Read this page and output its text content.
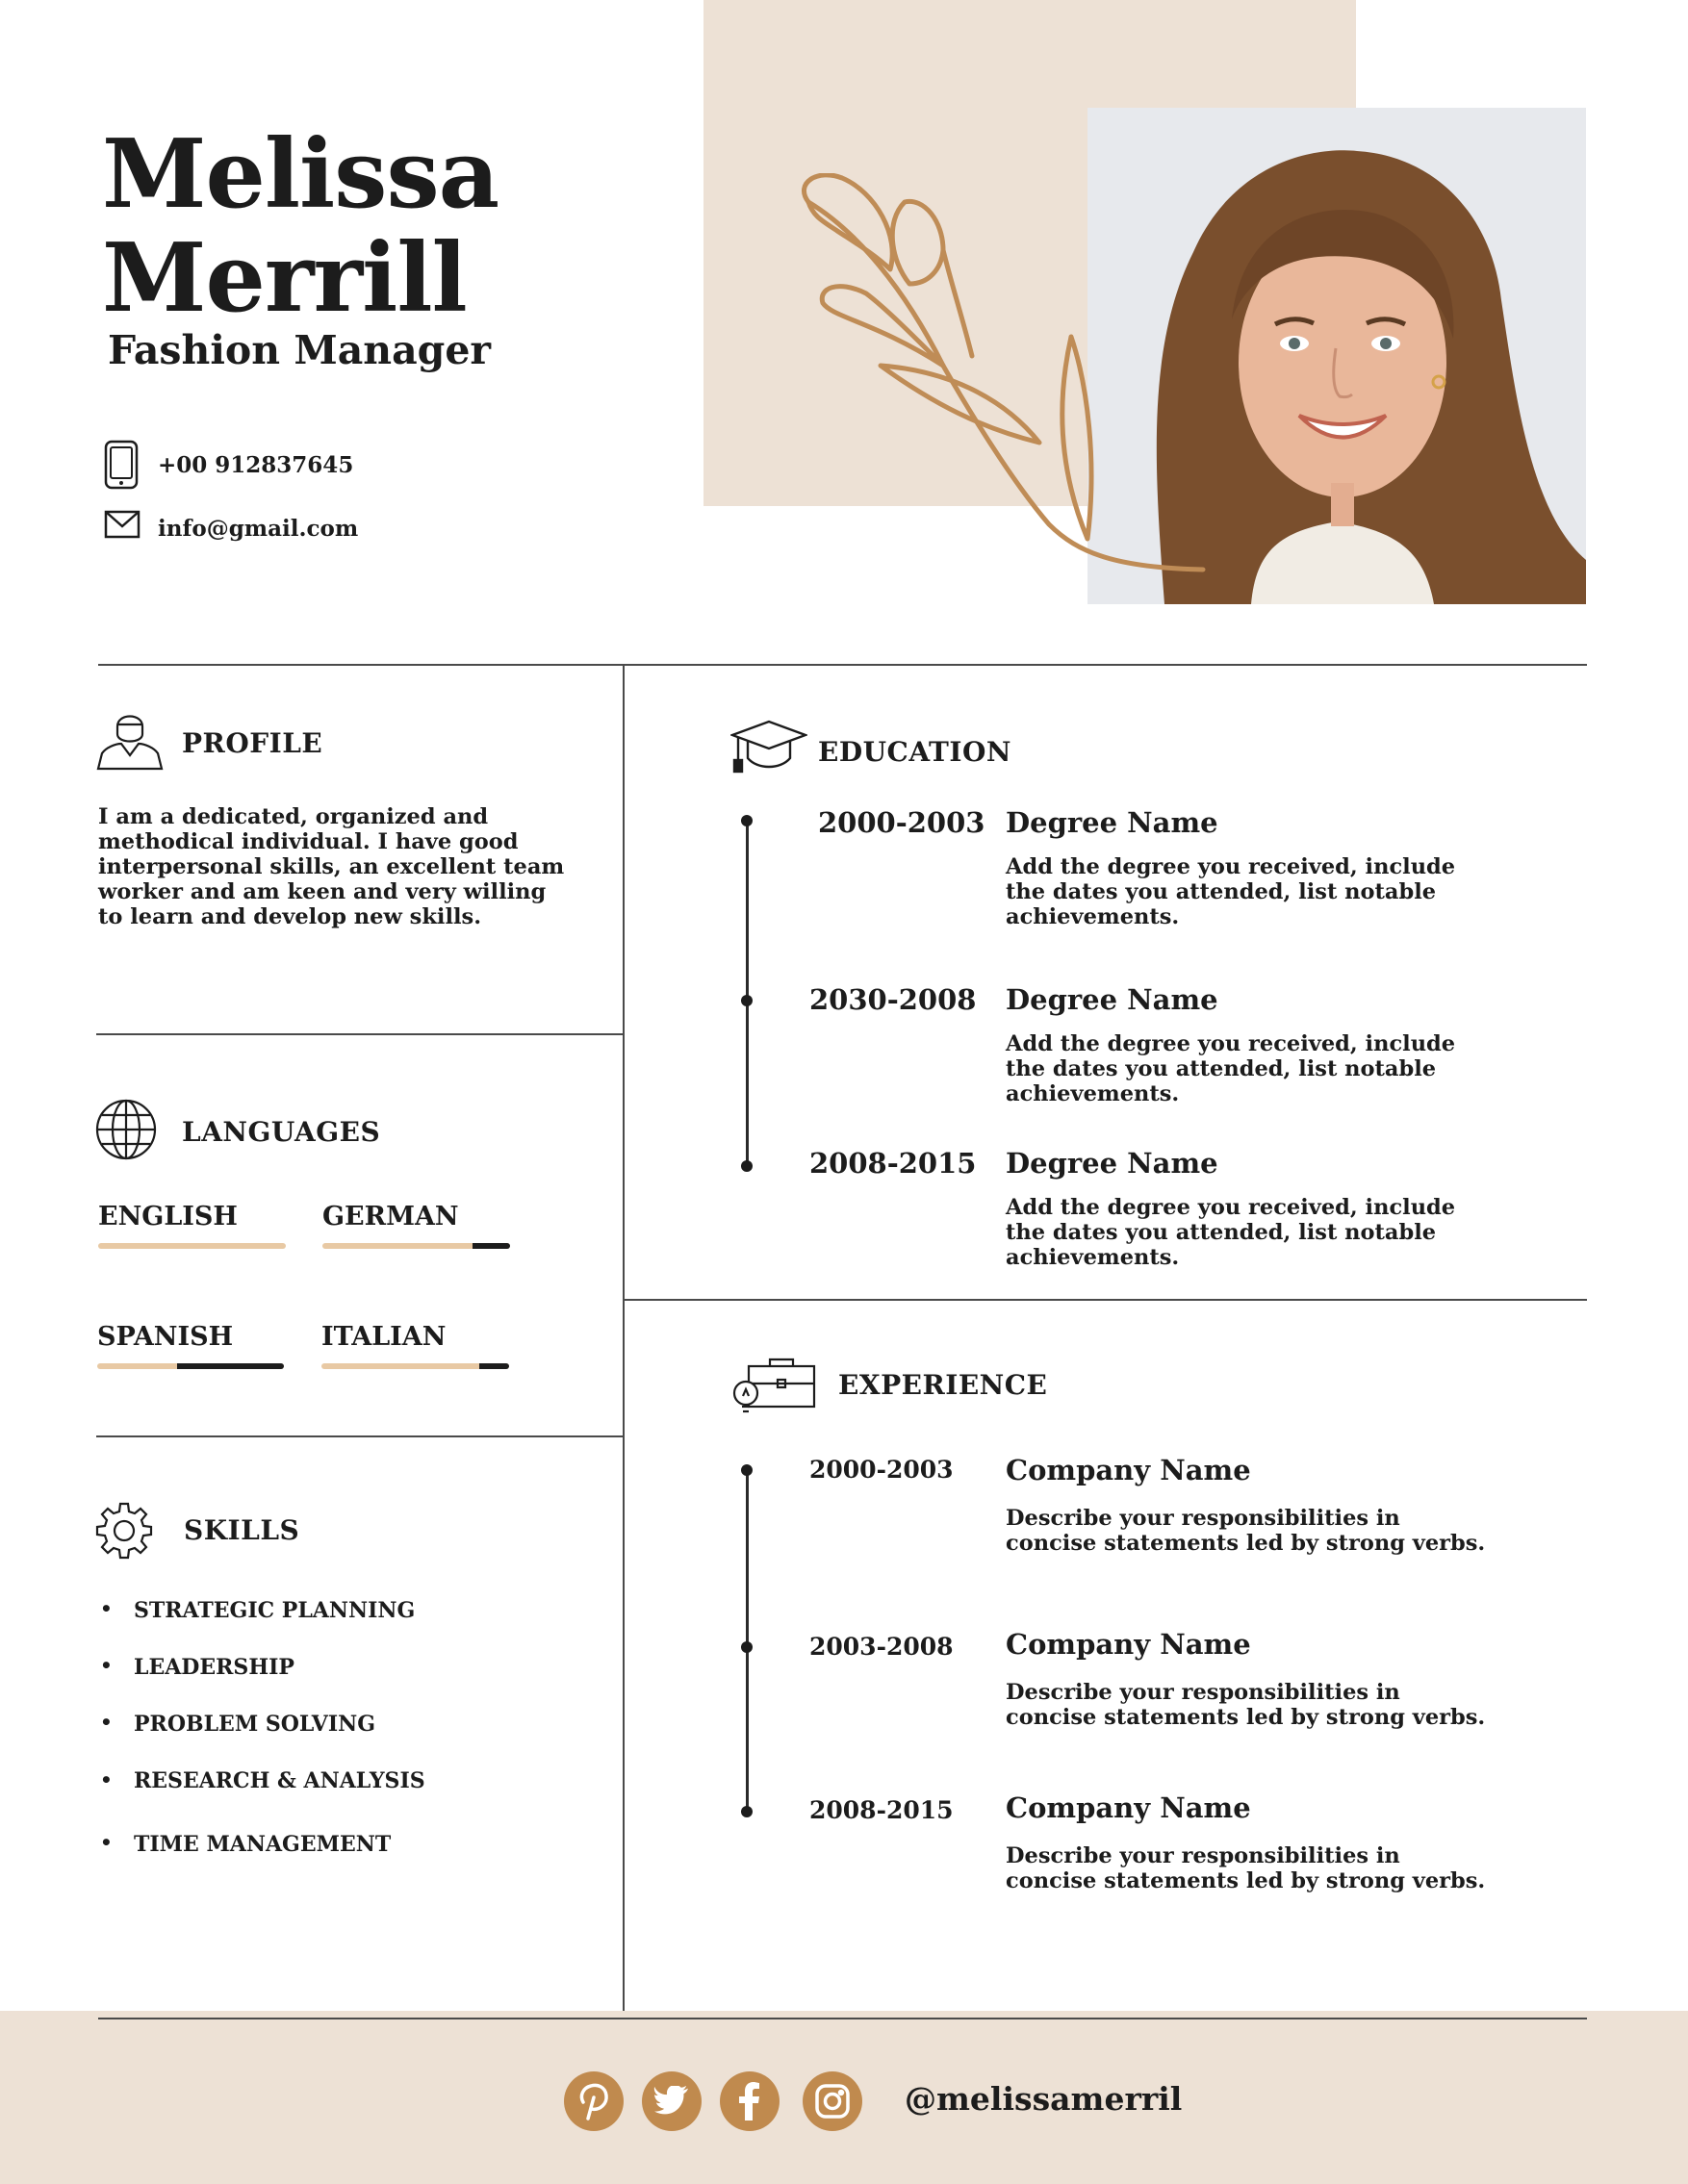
Melissa
Merrill
Fashion Manager
+00 912837645
info@gmail.com
PROFILE
I am a dedicated, organized and methodical individual. I have good interpersonal skills, an excellent team worker and am keen and very willing to learn and develop new skills.
LANGUAGES
ENGLISH	GERMAN
SPANISH	ITALIAN
SKILLS
• STRATEGIC PLANNING
• LEADERSHIP
• PROBLEM SOLVING
• RESEARCH & ANALYSIS
• TIME MANAGEMENT
EDUCATION
2000-2003 Degree Name
Add the degree you received, include the dates you attended, list notable achievements.
2030-2008 Degree Name
Add the degree you received, include the dates you attended, list notable achievements.
2008-2015 Degree Name
Add the degree you received, include the dates you attended, list notable achievements.
EXPERIENCE
2000-2003 Company Name
Describe your responsibilities in concise statements led by strong verbs.
2003-2008 Company Name
Describe your responsibilities in concise statements led by strong verbs.
2008-2015 Company Name
Describe your responsibilities in concise statements led by strong verbs.
@melissamerril
